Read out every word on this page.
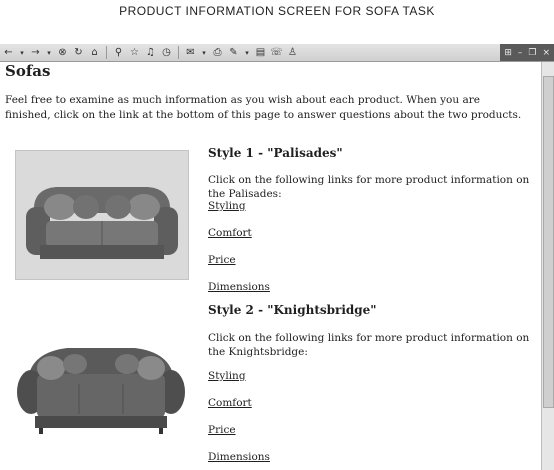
PRODUCT INFORMATION SCREEN FOR SOFA TASK
←	▾ →	▾ ⊗ ↻ ⌂	⚲ ☆ ♫ ◷ ✉	▾ ⎙ ✎	▾ ▤ ☏ ♙	⊞ – ❐ ×
Sofas

Feel free to examine as much information as you wish about each product. When you are finished, click on the link at the bottom of this page to answer questions about the two products.

Style 1 - "Palisades"

Click on the following links for more product information on the Palisades:

Styling
Comfort
Price
Dimensions
Style 2 - "Knightsbridge"

Click on the following links for more product information on the Knightsbridge:

Styling
Comfort
Price
Dimensions
